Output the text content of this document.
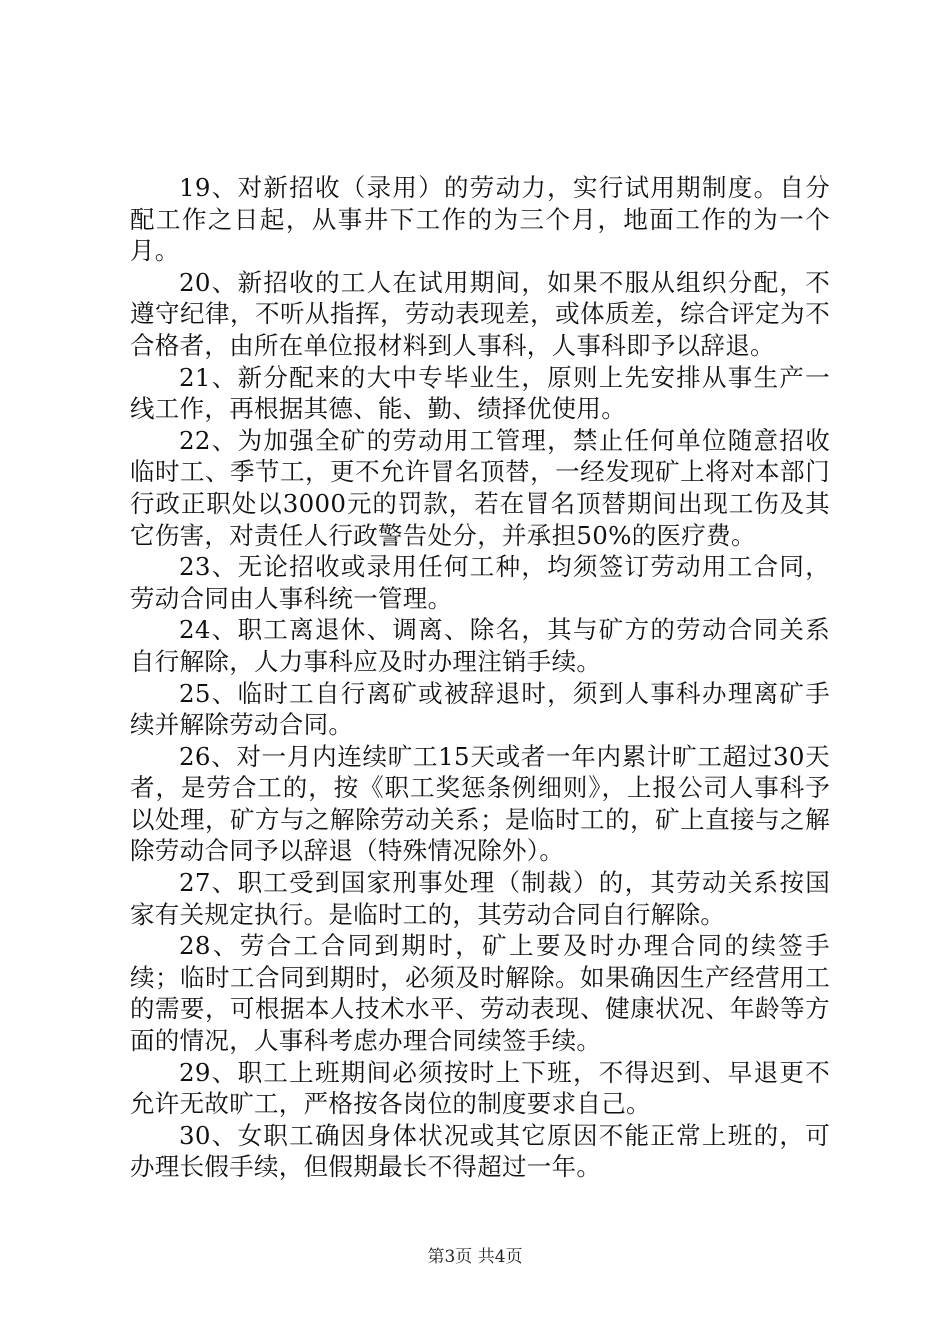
19、对新招收（录用）的劳动力，实行试用期制度。自分配工作之日起，从事井下工作的为三个月，地面工作的为一个月。

20、新招收的工人在试用期间，如果不服从组织分配，不遵守纪律，不听从指挥，劳动表现差，或体质差，综合评定为不合格者，由所在单位报材料到人事科，人事科即予以辞退。

21、新分配来的大中专毕业生，原则上先安排从事生产一线工作，再根据其德、能、勤、绩择优使用。

22、为加强全矿的劳动用工管理，禁止任何单位随意招收临时工、季节工，更不允许冒名顶替，一经发现矿上将对本部门行政正职处以3000元的罚款，若在冒名顶替期间出现工伤及其它伤害，对责任人行政警告处分，并承担50%的医疗费。

23、无论招收或录用任何工种，均须签订劳动用工合同，劳动合同由人事科统一管理。

24、职工离退休、调离、除名，其与矿方的劳动合同关系自行解除，人力事科应及时办理注销手续。

25、临时工自行离矿或被辞退时，须到人事科办理离矿手续并解除劳动合同。

26、对一月内连续旷工15天或者一年内累计旷工超过30天者，是劳合工的，按《职工奖惩条例细则》，上报公司人事科予以处理，矿方与之解除劳动关系；是临时工的，矿上直接与之解除劳动合同予以辞退（特殊情况除外）。

27、职工受到国家刑事处理（制裁）的，其劳动关系按国家有关规定执行。是临时工的，其劳动合同自行解除。

28、劳合工合同到期时，矿上要及时办理合同的续签手续；临时工合同到期时，必须及时解除。如果确因生产经营用工的需要，可根据本人技术水平、劳动表现、健康状况、年龄等方面的情况，人事科考虑办理合同续签手续。

29、职工上班期间必须按时上下班，不得迟到、早退更不允许无故旷工，严格按各岗位的制度要求自己。

30、女职工确因身体状况或其它原因不能正常上班的，可办理长假手续，但假期最长不得超过一年。

第3页 共4页
